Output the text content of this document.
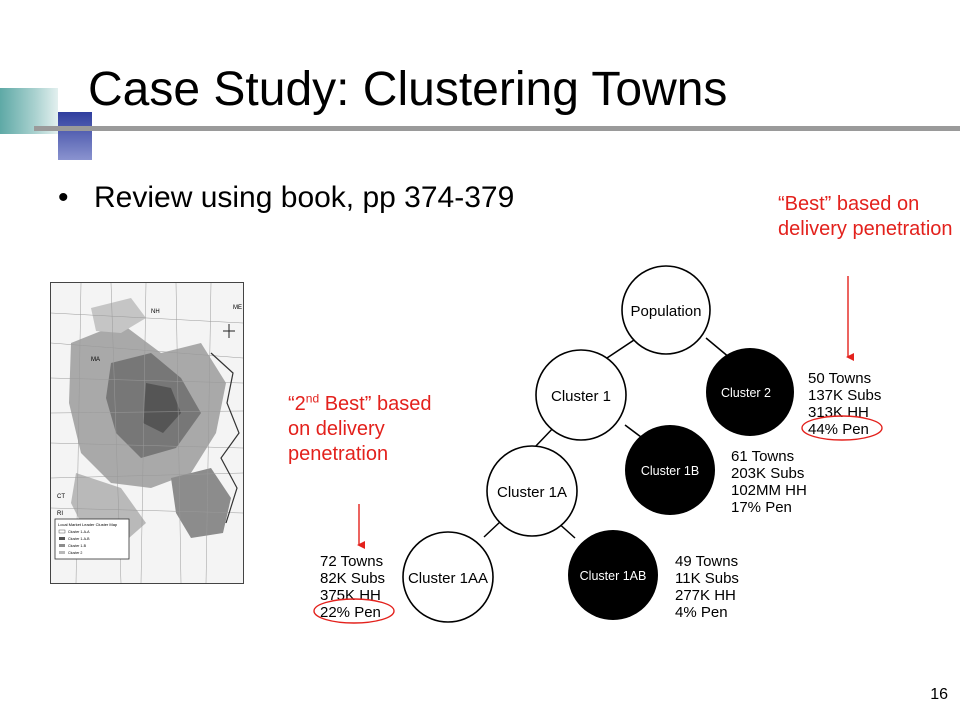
Case Study: Clustering Towns
• Review using book, pp 374-379	“Best” based on delivery penetration
“2nd Best” based on delivery penetration
ME
NH
MA
CT
RI
Local Market Leader Cluster Map
Cluster 1-A-A
Cluster 1-A-B
Cluster 1-B
Cluster 2
Population
Cluster 1	Cluster 2
Cluster 1A
Cluster 1B
Cluster 1AA	Cluster 1AB
50 Towns
137K Subs
313K HH
44% Pen
61 Towns
203K Subs
102MM HH
17% Pen
49 Towns
11K Subs
277K HH
4% Pen
72 Towns
82K Subs
375K HH
22% Pen
16
